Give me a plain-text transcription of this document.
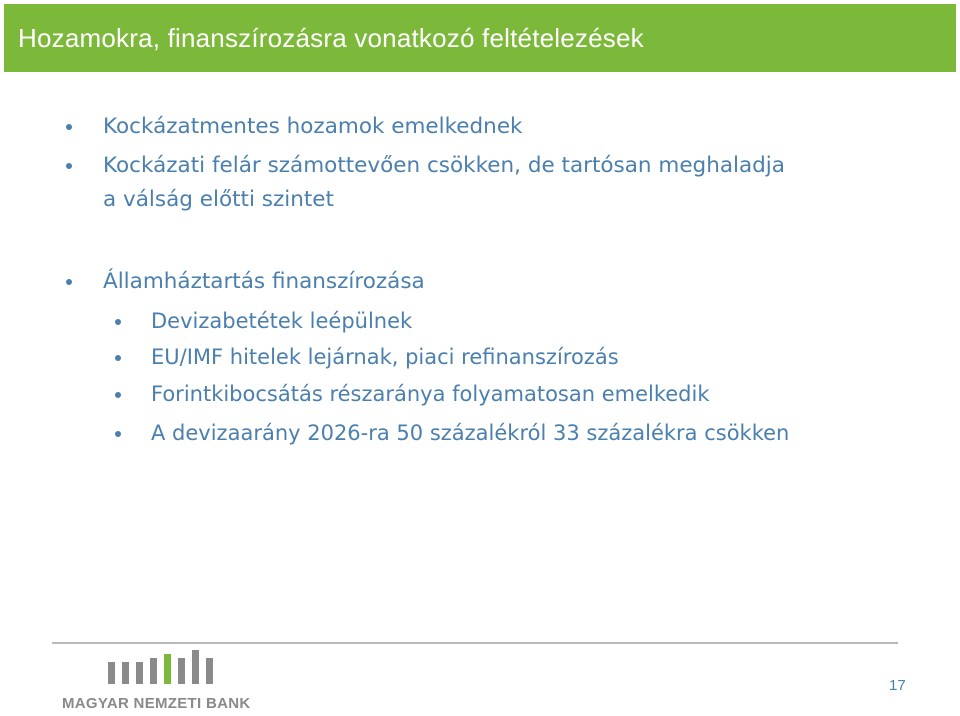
Hozamokra, finanszírozásra vonatkozó feltételezések
Kockázatmentes hozamok emelkednek
Kockázati felár számottevően csökken, de tartósan meghaladja
a válság előtti szintet
Államháztartás finanszírozása
Devizabetétek leépülnek
EU/IMF hitelek lejárnak, piaci refinanszírozás
Forintkibocsátás részaránya folyamatosan emelkedik
A devizaarány 2026-ra 50 százalékról 33 százalékra csökken
MAGYAR NEMZETI BANK
17
